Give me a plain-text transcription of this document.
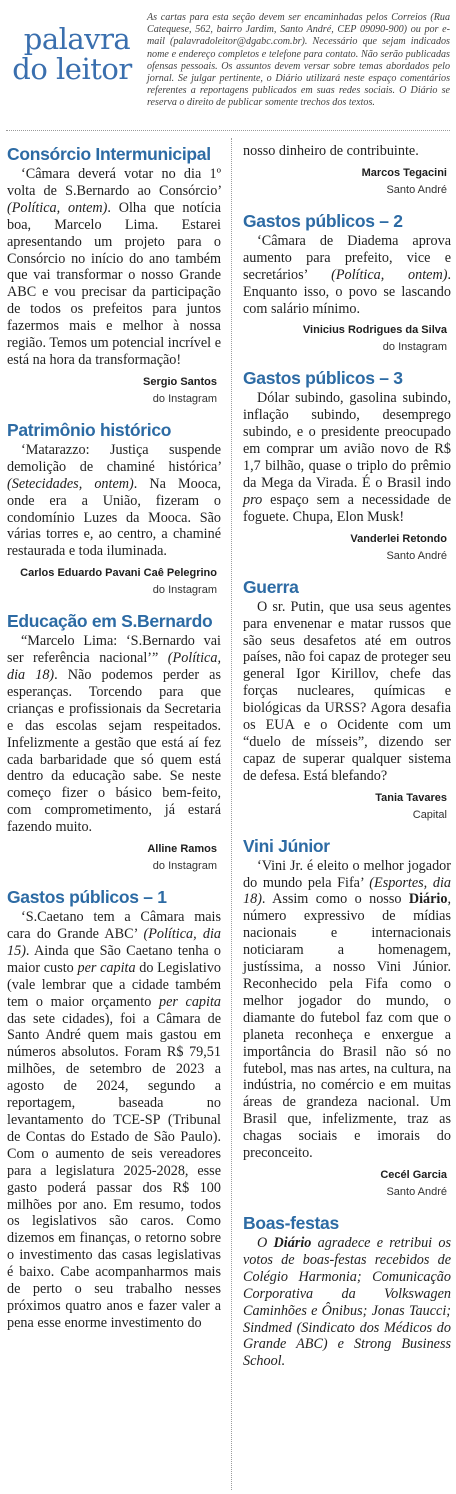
palavra
do leitor
As cartas para esta seção devem ser encaminhadas pelos Correios (Rua Catequese, 562, bairro Jardim, Santo André, CEP 09090-900) ou por e-mail (palavradoleitor@dgabc.com.br). Necessário que sejam indicados nome e endereço completos e telefone para contato. Não serão publicadas ofensas pessoais. Os assuntos devem versar sobre temas abordados pelo jornal. Se julgar pertinente, o Diário utilizará neste espaço comentários referentes a reportagens publicados em suas redes sociais. O Diário se reserva o direito de publicar somente trechos dos textos.
Consórcio Intermunicipal

‘Câmara deverá votar no dia 1º volta de S.Bernardo ao Consórcio’ (Política, ontem). Olha que notícia boa, Marcelo Lima. Estarei apresentando um projeto para o Consórcio no início do ano também que vai transformar o nosso Grande ABC e vou precisar da participação de todos os prefeitos para juntos fazermos mais e melhor à nossa região. Temos um potencial incrível e está na hora da transformação!

Sergio Santos
do Instagram
Patrimônio histórico

‘Matarazzo: Justiça suspende demolição de chaminé histórica’ (Setecidades, ontem). Na Mooca, onde era a União, fizeram o condomínio Luzes da Mooca. São várias torres e, ao centro, a chaminé restaurada e toda iluminada.

Carlos Eduardo Pavani Caê Pelegrino
do Instagram
Educação em S.Bernardo

“Marcelo Lima: ‘S.Bernardo vai ser referência nacional’” (Política, dia 18). Não podemos perder as esperanças. Torcendo para que crianças e profissionais da Secretaria e das escolas sejam respeitados. Infelizmente a gestão que está aí fez cada barbaridade que só quem está dentro da educação sabe. Se neste começo fizer o básico bem-feito, com comprometimento, já estará fazendo muito.

Alline Ramos
do Instagram
Gastos públicos – 1

‘S.Caetano tem a Câmara mais cara do Grande ABC’ (Política, dia 15). Ainda que São Caetano tenha o maior custo per capita do Legislativo (vale lembrar que a cidade também tem o maior orçamento per capita das sete cidades), foi a Câmara de Santo André quem mais gastou em números absolutos. Foram R$ 79,51 milhões, de setembro de 2023 a agosto de 2024, segundo a reportagem, baseada no levantamento do TCE-SP (Tribunal de Contas do Estado de São Paulo). Com o aumento de seis vereadores para a legislatura 2025-2028, esse gasto poderá passar dos R$ 100 milhões por ano. Em resumo, todos os legislativos são caros. Como dizemos em finanças, o retorno sobre o investimento das casas legislativas é baixo. Cabe acompanharmos mais de perto o seu trabalho nesses próximos quatro anos e fazer valer a pena esse enorme investimento do

nosso dinheiro de contribuinte.

Marcos Tegacini
Santo André
Gastos públicos – 2

‘Câmara de Diadema aprova aumento para prefeito, vice e secretários’ (Política, ontem). Enquanto isso, o povo se lascando com salário mínimo.

Vinicius Rodrigues da Silva
do Instagram
Gastos públicos – 3

Dólar subindo, gasolina subindo, inflação subindo, desemprego subindo, e o presidente preocupado em comprar um avião novo de R$ 1,7 bilhão, quase o triplo do prêmio da Mega da Virada. É o Brasil indo pro espaço sem a necessidade de foguete. Chupa, Elon Musk!

Vanderlei Retondo
Santo André
Guerra

O sr. Putin, que usa seus agentes para envenenar e matar russos que são seus desafetos até em outros países, não foi capaz de proteger seu general Igor Kirillov, chefe das forças nucleares, químicas e biológicas da URSS? Agora desafia os EUA e o Ocidente com um “duelo de mísseis”, dizendo ser capaz de superar qualquer sistema de defesa. Está blefando?

Tania Tavares
Capital
Vini Júnior

‘Vini Jr. é eleito o melhor jogador do mundo pela Fifa’ (Esportes, dia 18). Assim como o nosso Diário, número expressivo de mídias nacionais e internacionais noticiaram a homenagem, justíssima, a nosso Vini Júnior. Reconhecido pela Fifa como o melhor jogador do mundo, o diamante do futebol faz com que o planeta reconheça e enxergue a importância do Brasil não só no futebol, mas nas artes, na cultura, na indústria, no comércio e em muitas áreas de grandeza nacional. Um Brasil que, infelizmente, traz as chagas sociais e imorais do preconceito.

Cecél Garcia
Santo André
Boas-festas

O Diário agradece e retribui os votos de boas-festas recebidos de Colégio Harmonia; Comunicação Corporativa da Volkswagen Caminhões e Ônibus; Jonas Taucci; Sindmed (Sindicato dos Médicos do Grande ABC) e Strong Business School.
